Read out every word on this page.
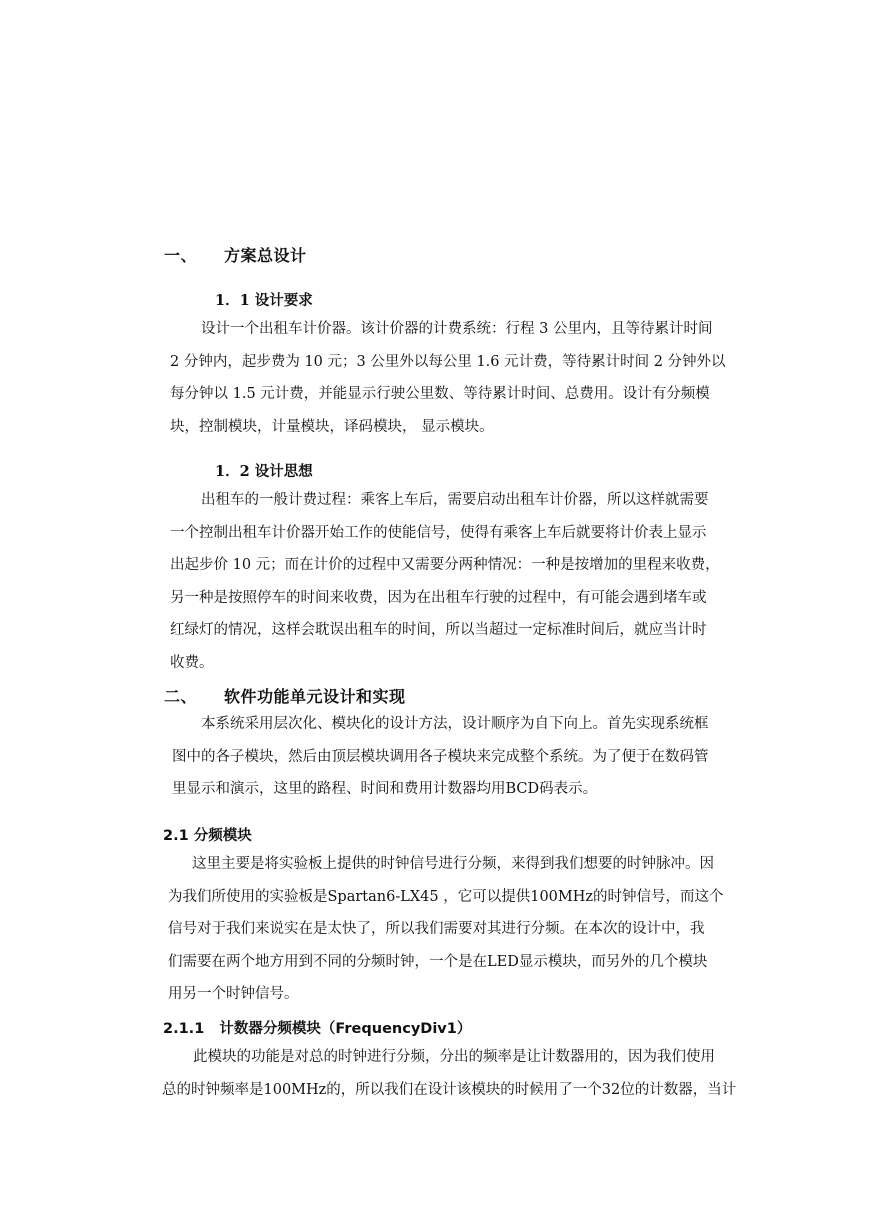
一、 方案总设计
1．1 设计要求
设计一个出租车计价器。该计价器的计费系统：行程 3 公里内，且等待累计时间
2 分钟内，起步费为 10 元；3 公里外以每公里 1.6 元计费，等待累计时间 2 分钟外以
每分钟以 1.5 元计费，并能显示行驶公里数、等待累计时间、总费用。设计有分频模
块，控制模块，计量模块，译码模块， 显示模块。
1．2 设计思想
出租车的一般计费过程：乘客上车后，需要启动出租车计价器，所以这样就需要
一个控制出租车计价器开始工作的使能信号，使得有乘客上车后就要将计价表上显示
出起步价 10 元；而在计价的过程中又需要分两种情况：一种是按增加的里程来收费，
另一种是按照停车的时间来收费，因为在出租车行驶的过程中，有可能会遇到堵车或
红绿灯的情况，这样会耽误出租车的时间，所以当超过一定标准时间后，就应当计时
收费。
二、 软件功能单元设计和实现
本系统采用层次化、模块化的设计方法，设计顺序为自下向上。首先实现系统框
图中的各子模块，然后由顶层模块调用各子模块来完成整个系统。为了便于在数码管
里显示和演示，这里的路程、时间和费用计数器均用BCD码表示。
2.1 分频模块
这里主要是将实验板上提供的时钟信号进行分频，来得到我们想要的时钟脉冲。因
为我们所使用的实验板是Spartan6-LX45 ，它可以提供100MHz的时钟信号，而这个
信号对于我们来说实在是太快了，所以我们需要对其进行分频。在本次的设计中，我
们需要在两个地方用到不同的分频时钟，一个是在LED显示模块，而另外的几个模块
用另一个时钟信号。
2.1.1   计数器分频模块（FrequencyDiv1）
此模块的功能是对总的时钟进行分频，分出的频率是让计数器用的，因为我们使用
总的时钟频率是100MHz的，所以我们在设计该模块的时候用了一个32位的计数器，当计
